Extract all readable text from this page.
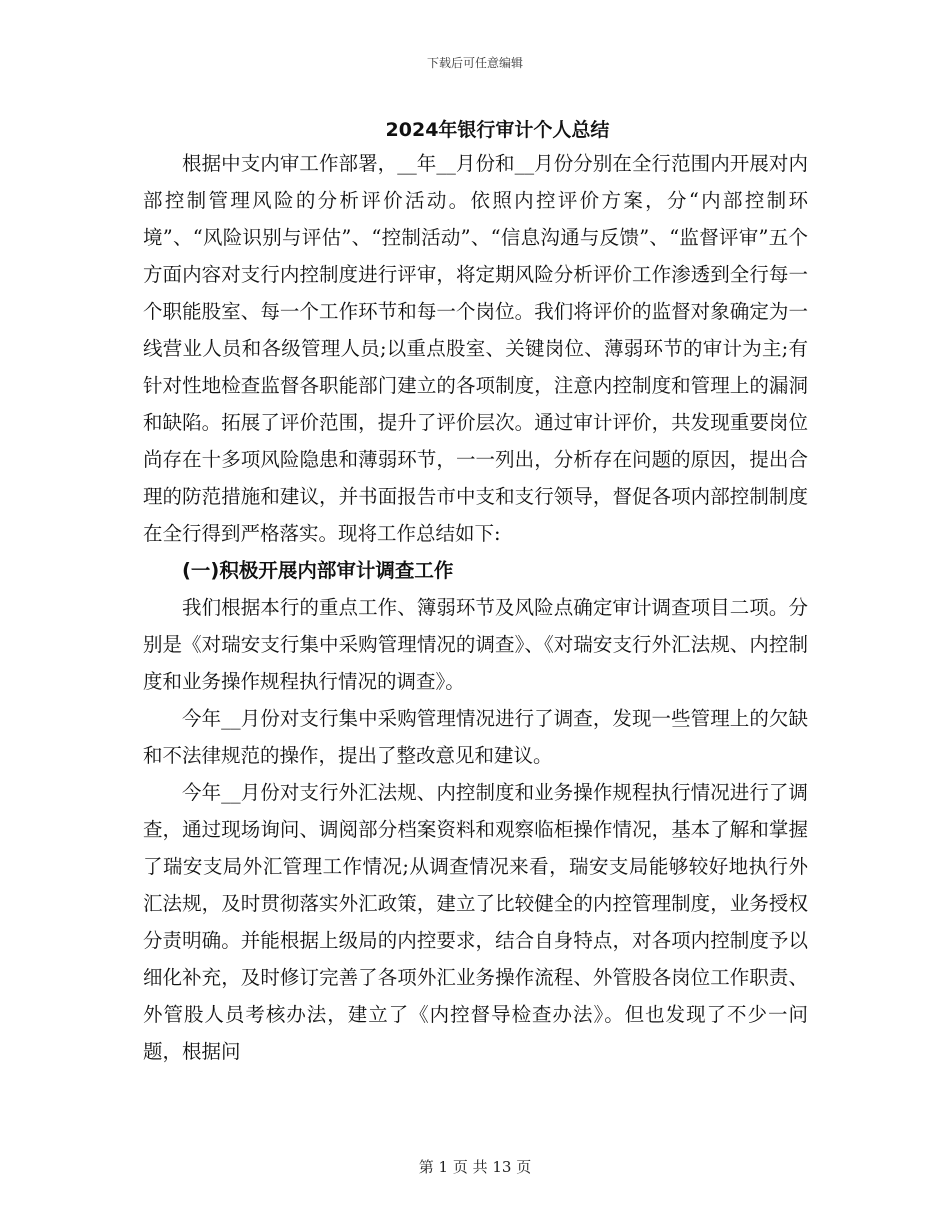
下载后可任意编辑
2024年银行审计个人总结

根据中支内审工作部署，__年__月份和__月份分别在全行范围内开展对内部控制管理风险的分析评价活动。依照内控评价方案，分“内部控制环境”、“风险识别与评估”、“控制活动”、“信息沟通与反馈”、“监督评审”五个方面内容对支行内控制度进行评审，将定期风险分析评价工作渗透到全行每一个职能股室、每一个工作环节和每一个岗位。我们将评价的监督对象确定为一线营业人员和各级管理人员;以重点股室、关键岗位、薄弱环节的审计为主;有针对性地检查监督各职能部门建立的各项制度，注意内控制度和管理上的漏洞和缺陷。拓展了评价范围，提升了评价层次。通过审计评价，共发现重要岗位尚存在十多项风险隐患和薄弱环节，一一列出，分析存在问题的原因，提出合理的防范措施和建议，并书面报告市中支和支行领导，督促各项内部控制制度在全行得到严格落实。现将工作总结如下:

(一)积极开展内部审计调查工作

我们根据本行的重点工作、簿弱环节及风险点确定审计调查项目二项。分别是《对瑞安支行集中采购管理情况的调查》、《对瑞安支行外汇法规、内控制度和业务操作规程执行情况的调查》。

今年__月份对支行集中采购管理情况进行了调查，发现一些管理上的欠缺和不法律规范的操作，提出了整改意见和建议。

今年__月份对支行外汇法规、内控制度和业务操作规程执行情况进行了调查，通过现场询问、调阅部分档案资料和观察临柜操作情况，基本了解和掌握了瑞安支局外汇管理工作情况;从调查情况来看，瑞安支局能够较好地执行外汇法规，及时贯彻落实外汇政策，建立了比较健全的内控管理制度，业务授权分责明确。并能根据上级局的内控要求，结合自身特点，对各项内控制度予以细化补充，及时修订完善了各项外汇业务操作流程、外管股各岗位工作职责、外管股人员考核办法，建立了《内控督导检查办法》。但也发现了不少一问题，根据问

第 1 页 共 13 页
